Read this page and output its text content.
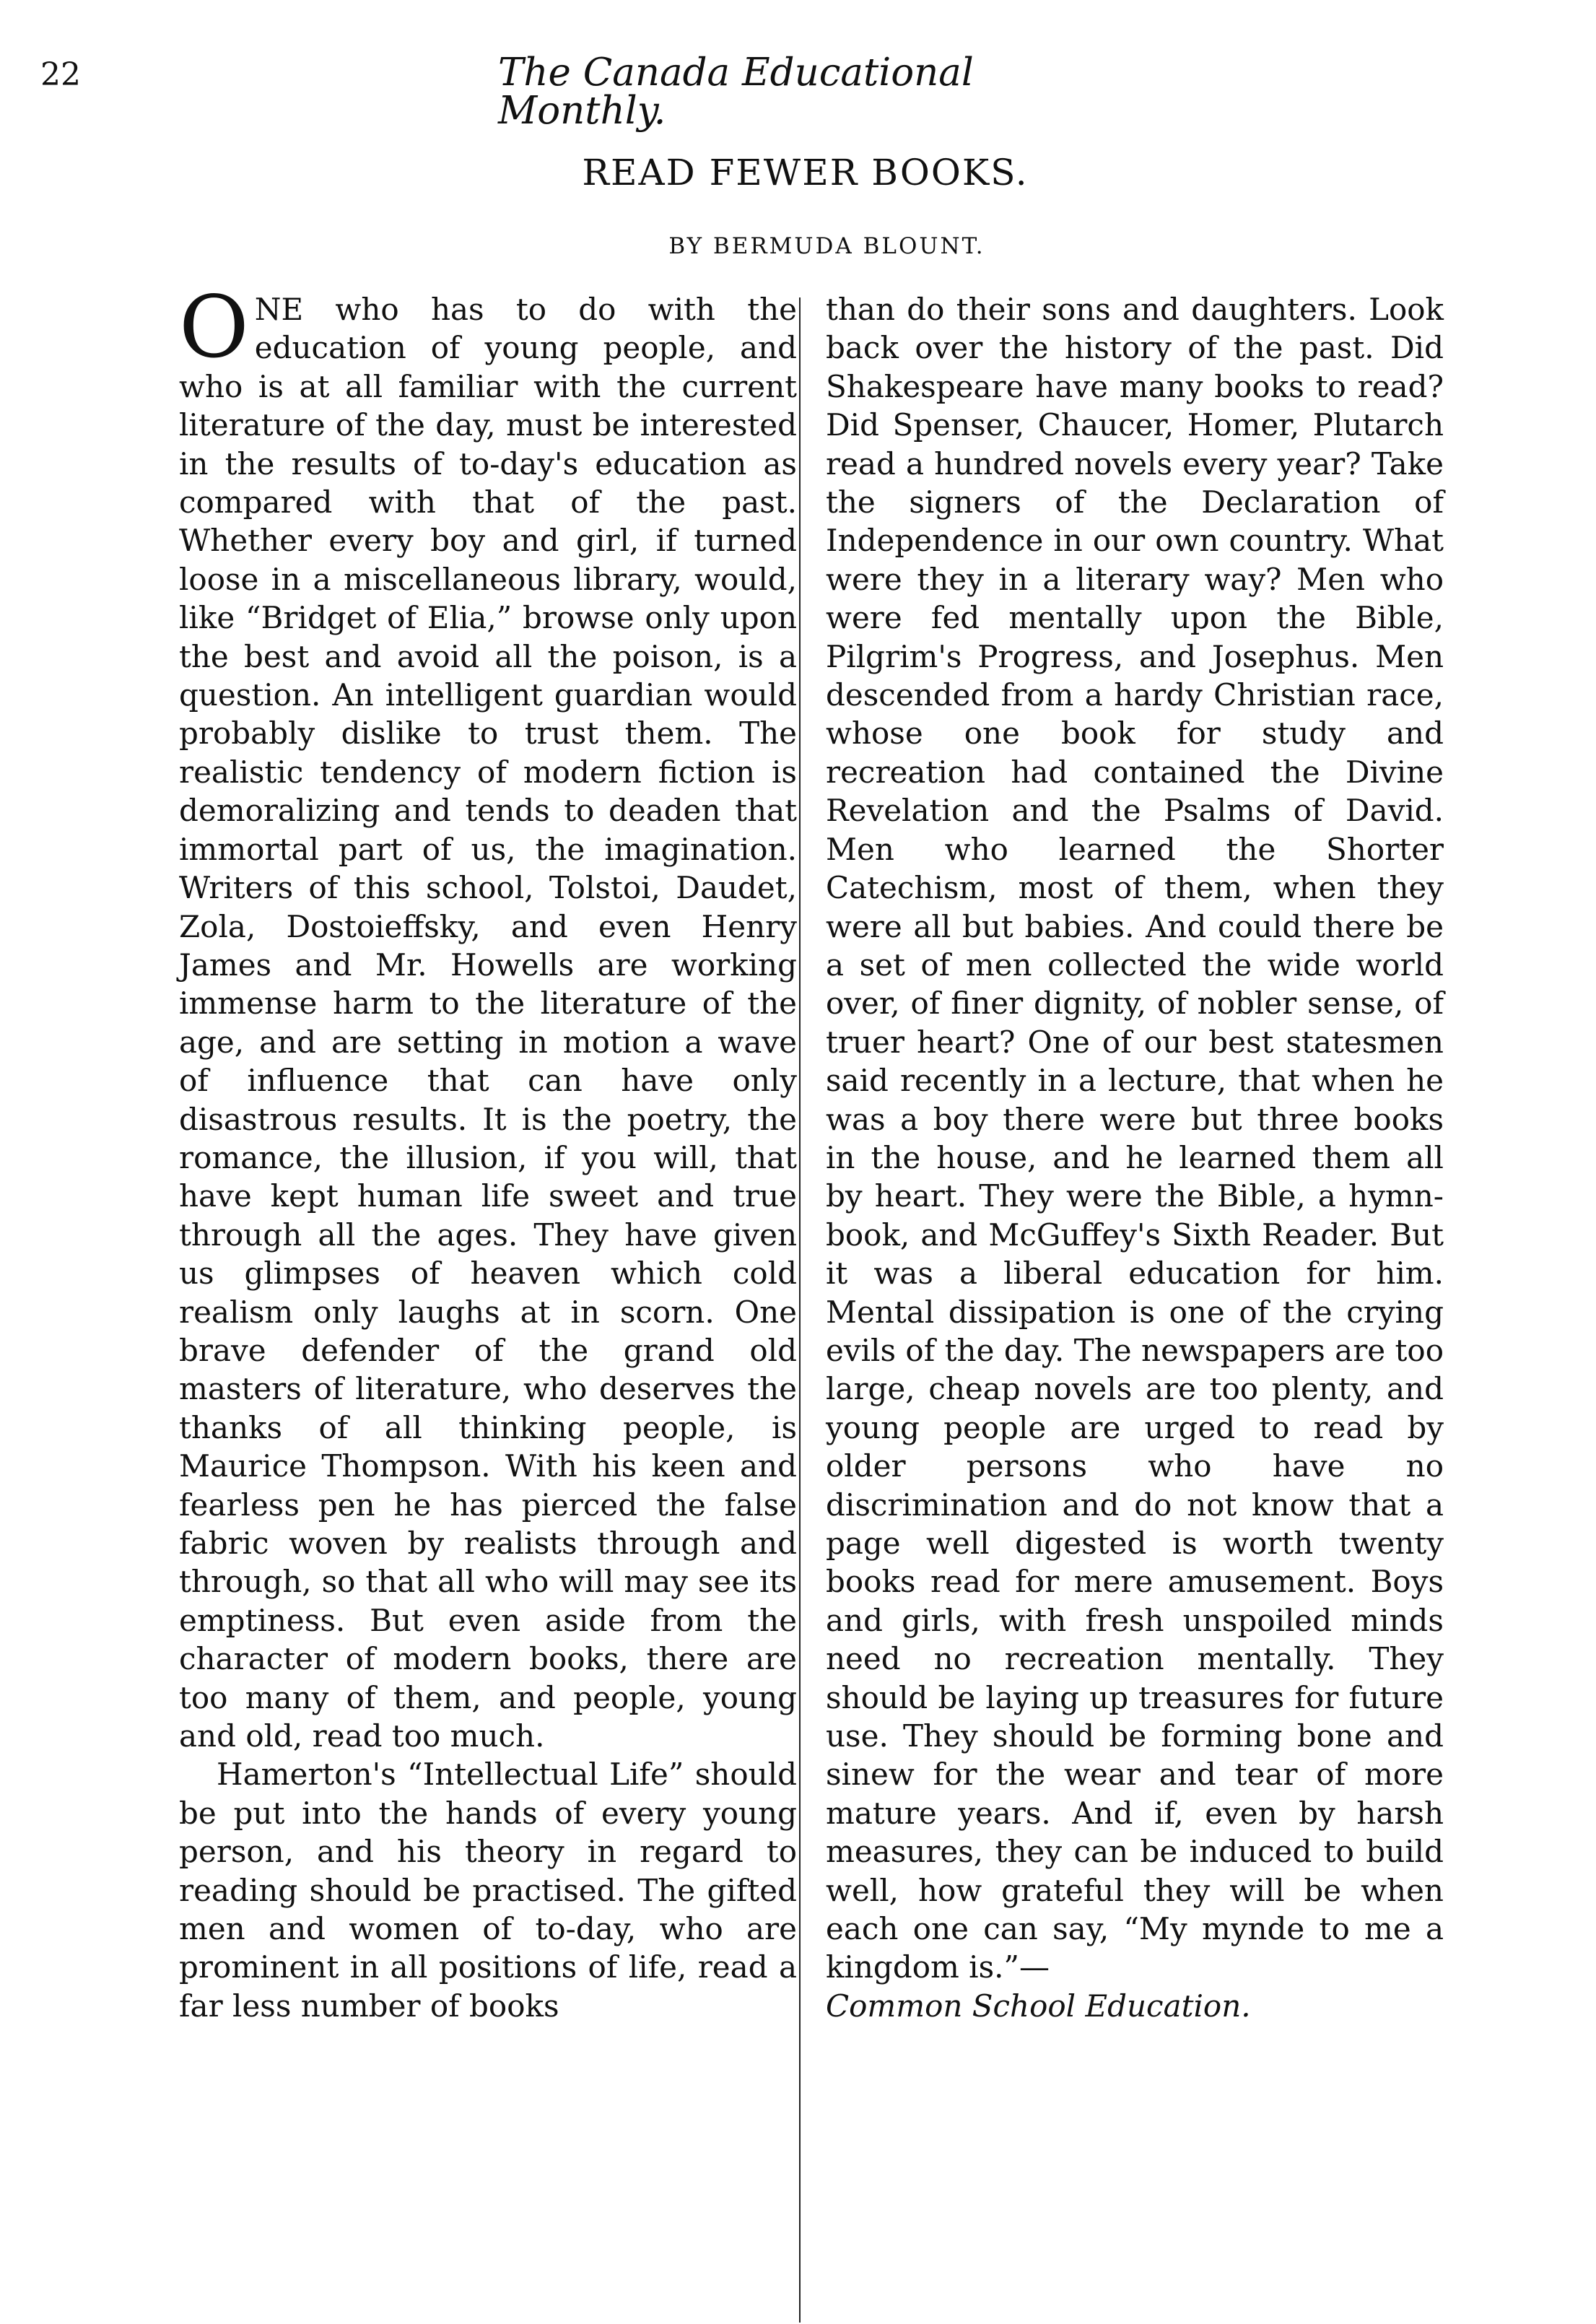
22	The Canada Educational Monthly.
READ FEWER BOOKS.
BY BERMUDA BLOUNT.

ONE who has to do with the education of young people, and who is at all familiar with the current literature of the day, must be interested in the results of to-day's education as compared with that of the past. Whether every boy and girl, if turned loose in a miscellaneous library, would, like “Bridget of Elia,” browse only upon the best and avoid all the poison, is a question. An intelligent guardian would probably dislike to trust them. The realistic tendency of modern fiction is demoralizing and tends to deaden that immortal part of us, the imagination. Writers of this school, Tolstoi, Daudet, Zola, Dostoieffsky, and even Henry James and Mr. Howells are working immense harm to the literature of the age, and are setting in motion a wave of influence that can have only disastrous results. It is the poetry, the romance, the illusion, if you will, that have kept human life sweet and true through all the ages. They have given us glimpses of heaven which cold realism only laughs at in scorn. One brave defender of the grand old masters of literature, who deserves the thanks of all thinking people, is Maurice Thompson. With his keen and fearless pen he has pierced the false fabric woven by realists through and through, so that all who will may see its emptiness. But even aside from the character of modern books, there are too many of them, and people, young and old, read too much.

Hamerton's “Intellectual Life” should be put into the hands of every young person, and his theory in regard to reading should be practised. The gifted men and women of to-day, who are prominent in all positions of life, read a far less number of books

than do their sons and daughters. Look back over the history of the past. Did Shakespeare have many books to read? Did Spenser, Chaucer, Homer, Plutarch read a hundred novels every year? Take the signers of the Declaration of Independence in our own country. What were they in a literary way? Men who were fed mentally upon the Bible, Pilgrim's Progress, and Josephus. Men descended from a hardy Christian race, whose one book for study and recreation had contained the Divine Revelation and the Psalms of David. Men who learned the Shorter Catechism, most of them, when they were all but babies. And could there be a set of men collected the wide world over, of finer dignity, of nobler sense, of truer heart? One of our best statesmen said recently in a lecture, that when he was a boy there were but three books in the house, and he learned them all by heart. They were the Bible, a hymn-book, and McGuffey's Sixth Reader. But it was a liberal education for him. Mental dissipation is one of the crying evils of the day. The newspapers are too large, cheap novels are too plenty, and young people are urged to read by older persons who have no discrimination and do not know that a page well digested is worth twenty books read for mere amusement. Boys and girls, with fresh unspoiled minds need no recreation mentally. They should be laying up treasures for future use. They should be forming bone and sinew for the wear and tear of more mature years. And if, even by harsh measures, they can be induced to build well, how grateful they will be when each one can say, “My mynde to me a kingdom is.”—
Common School Education.
